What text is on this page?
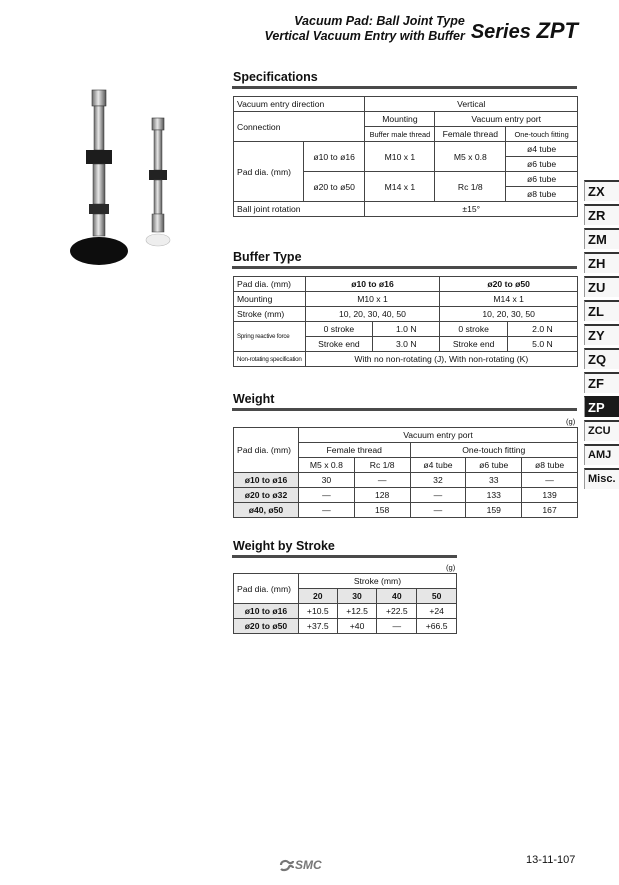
Vacuum Pad: Ball Joint Type
Vertical Vacuum Entry with Buffer Series ZPT
Specifications
Vacuum entry direction		Vertical		
Connection		Mounting	Vacuum entry port	
		Buffer male thread	Female thread	One-touch fitting
Pad dia. (mm)	ø10 to ø16	M10 x 1	M5 x 0.8	ø4 tube
				ø6 tube
	ø20 to ø50	M14 x 1	Rc 1/8	ø6 tube
				ø8 tube
Ball joint rotation		±15°		
Buffer Type
Pad dia. (mm)	ø10 to ø16		ø20 to ø50	
Mounting	M10 x 1		M14 x 1	
Stroke (mm)	10, 20, 30, 40, 50		10, 20, 30, 50	
Spring reactive force	0 stroke	1.0 N	0 stroke	2.0 N
	Stroke end	3.0 N	Stroke end	5.0 N
Non-rotating specification	With no non-rotating (J), With non-rotating (K)			
Weight
(g)
Pad dia. (mm)	Vacuum entry port				
	Female thread		One-touch fitting		
	M5 x 0.8	Rc 1/8	ø4 tube	ø6 tube	ø8 tube
ø10 to ø16	30	—	32	33	—
ø20 to ø32	—	128	—	133	139
ø40, ø50	—	158	—	159	167
Weight by Stroke
(g)
Pad dia. (mm)	Stroke (mm)			
	20	30	40	50
ø10 to ø16	+10.5	+12.5	+22.5	+24
ø20 to ø50	+37.5	+40	—	+66.5
ZX
ZR
ZM
ZH
ZU
ZL
ZY
ZQ
ZF
ZP
ZCU
AMJ
Misc.
SMC	13-11-107
